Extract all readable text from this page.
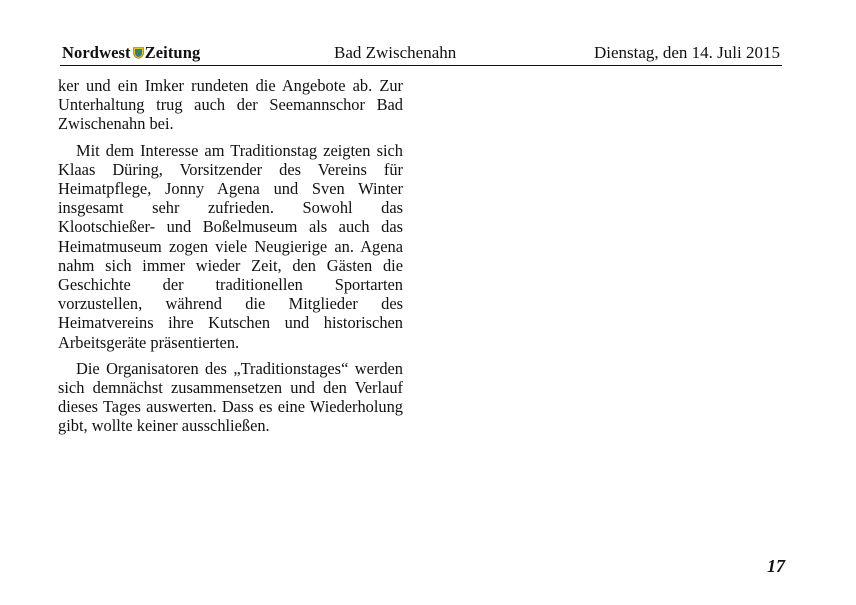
Nordwest Zeitung	Bad Zwischenahn	Dienstag, den 14. Juli 2015

ker und ein Imker rundeten die Angebote ab. Zur Unterhaltung trug auch der Seemannschor Bad Zwischenahn bei.

Mit dem Interesse am Traditionstag zeigten sich Klaas Düring, Vorsitzender des Vereins für Heimatpflege, Jonny Agena und Sven Winter insgesamt sehr zufrieden. Sowohl das Klootschießer- und Boßelmuseum als auch das Heimatmuseum zogen viele Neugierige an. Agena nahm sich immer wieder Zeit, den Gästen die Geschichte der traditionellen Sportarten vorzustellen, während die Mitglieder des Heimatvereins ihre Kutschen und historischen Arbeitsgeräte präsentierten.

Die Organisatoren des „Traditionstages“ werden sich demnächst zusammensetzen und den Verlauf dieses Tages auswerten. Dass es eine Wiederholung gibt, wollte keiner ausschließen.

17
